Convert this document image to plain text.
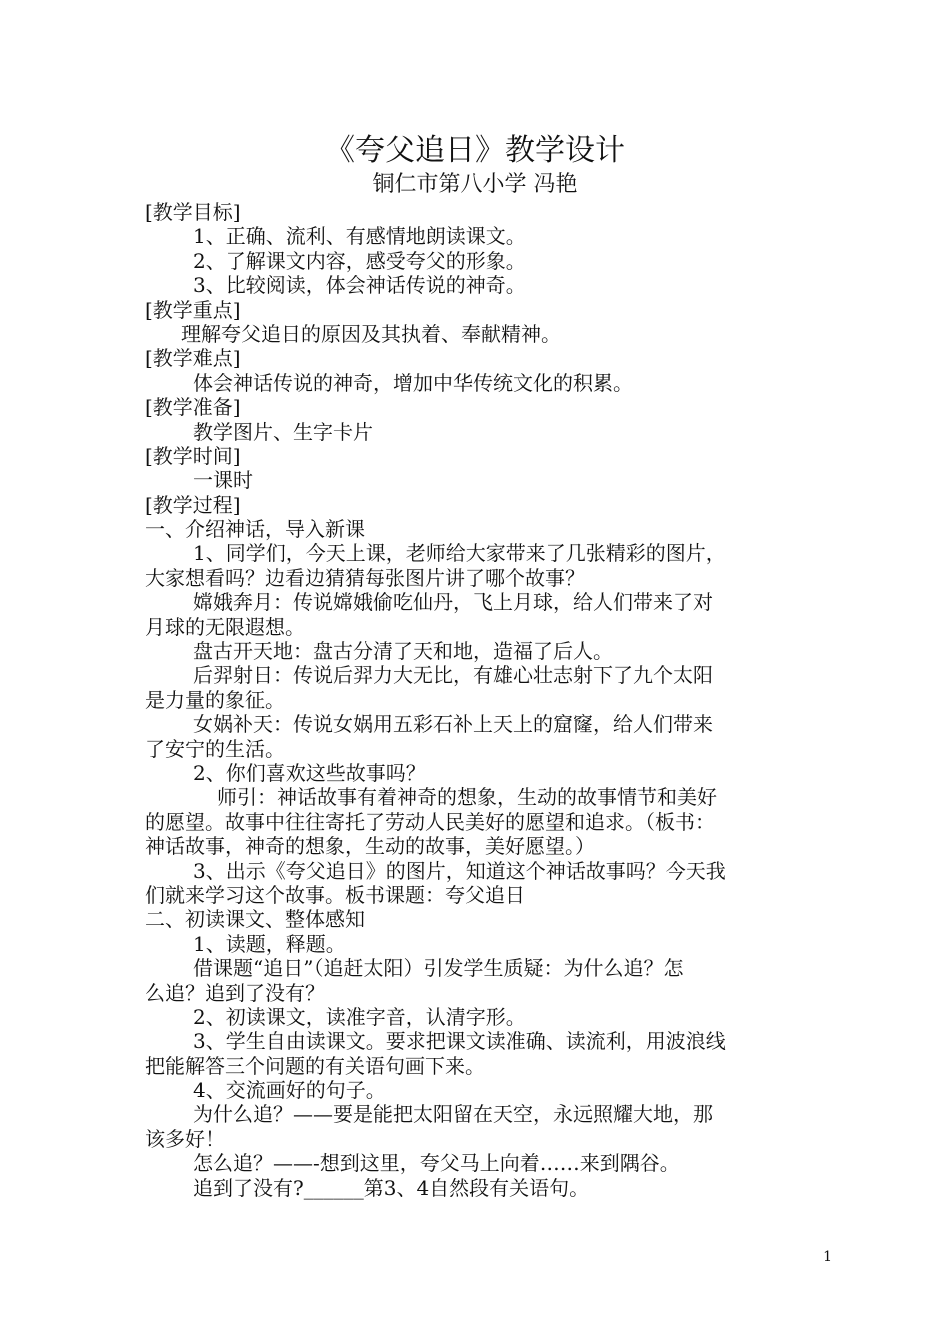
《夸父追日》教学设计
铜仁市第八小学 冯艳
[教学目标]
1、正确、流利、有感情地朗读课文。
2、了解课文内容，感受夸父的形象。
3、比较阅读，体会神话传说的神奇。
[教学重点]
理解夸父追日的原因及其执着、奉献精神。
[教学难点]
体会神话传说的神奇，增加中华传统文化的积累。
[教学准备]
教学图片、生字卡片
[教学时间]
一课时
[教学过程]
一、介绍神话，导入新课
1、同学们，今天上课，老师给大家带来了几张精彩的图片，
大家想看吗？边看边猜猜每张图片讲了哪个故事？
嫦娥奔月：传说嫦娥偷吃仙丹，飞上月球，给人们带来了对
月球的无限遐想。
盘古开天地：盘古分清了天和地，造福了后人。
后羿射日：传说后羿力大无比，有雄心壮志射下了九个太阳
是力量的象征。
女娲补天：传说女娲用五彩石补上天上的窟窿，给人们带来
了安宁的生活。
2、你们喜欢这些故事吗？
师引：神话故事有着神奇的想象，生动的故事情节和美好
的愿望。故事中往往寄托了劳动人民美好的愿望和追求。（板书：
神话故事，神奇的想象，生动的故事，美好愿望。）
3、出示《夸父追日》的图片，知道这个神话故事吗？今天我
们就来学习这个故事。板书课题：夸父追日
二、初读课文、整体感知
1、读题，释题。
借课题“追日”（追赶太阳）引发学生质疑：为什么追？怎
么追？追到了没有？
2、初读课文，读准字音，认清字形。
3、学生自由读课文。要求把课文读准确、读流利，用波浪线
把能解答三个问题的有关语句画下来。
4、交流画好的句子。
为什么追？——要是能把太阳留在天空，永远照耀大地，那
该多好！
怎么追？——-想到这里，夸父马上向着……来到隅谷。
追到了没有?______第3、4自然段有关语句。
1
